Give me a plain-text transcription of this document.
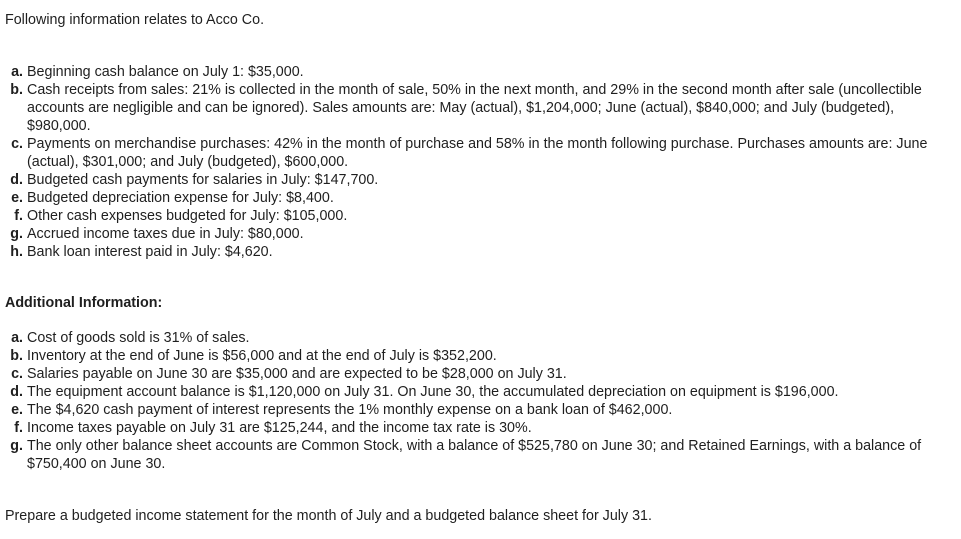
Following information relates to Acco Co.

a. Beginning cash balance on July 1: $35,000.
b. Cash receipts from sales: 21% is collected in the month of sale, 50% in the next month, and 29% in the second month after sale (uncollectible accounts are negligible and can be ignored). Sales amounts are: May (actual), $1,204,000; June (actual), $840,000; and July (budgeted), $980,000.
c. Payments on merchandise purchases: 42% in the month of purchase and 58% in the month following purchase. Purchases amounts are: June (actual), $301,000; and July (budgeted), $600,000.
d. Budgeted cash payments for salaries in July: $147,700.
e. Budgeted depreciation expense for July: $8,400.
f. Other cash expenses budgeted for July: $105,000.
g. Accrued income taxes due in July: $80,000.
h. Bank loan interest paid in July: $4,620.
Additional Information:
a. Cost of goods sold is 31% of sales.
b. Inventory at the end of June is $56,000 and at the end of July is $352,200.
c. Salaries payable on June 30 are $35,000 and are expected to be $28,000 on July 31.
d. The equipment account balance is $1,120,000 on July 31. On June 30, the accumulated depreciation on equipment is $196,000.
e. The $4,620 cash payment of interest represents the 1% monthly expense on a bank loan of $462,000.
f. Income taxes payable on July 31 are $125,244, and the income tax rate is 30%.
g. The only other balance sheet accounts are Common Stock, with a balance of $525,780 on June 30; and Retained Earnings, with a balance of $750,400 on June 30.

Prepare a budgeted income statement for the month of July and a budgeted balance sheet for July 31.
